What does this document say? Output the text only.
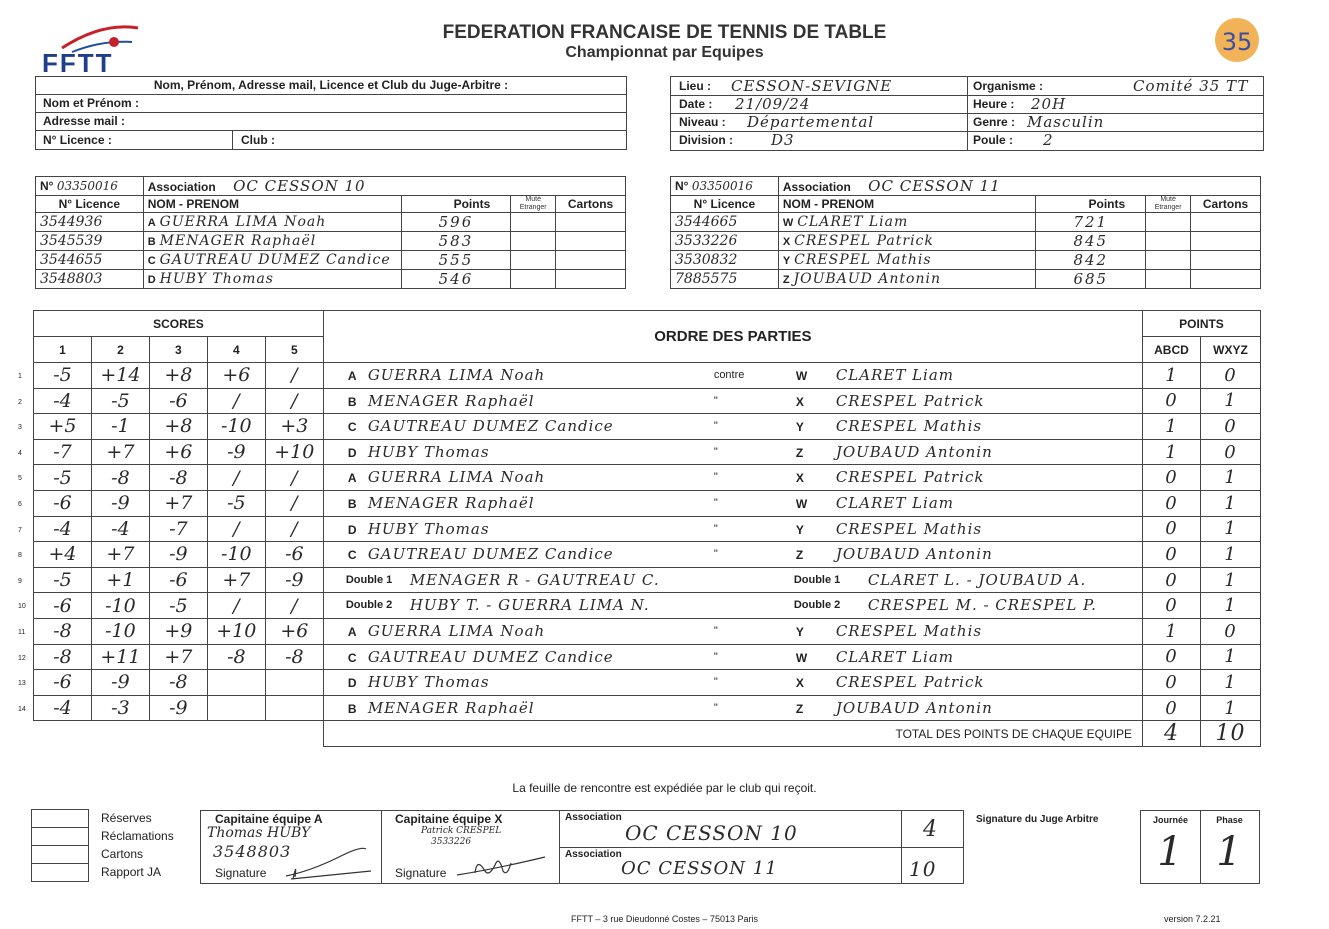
FFTT
35
FEDERATION FRANCAISE DE TENNIS DE TABLE
Championnat par Equipes
Nom, Prénom, Adresse mail, Licence et Club du Juge-Arbitre :
Nom et Prénom :
Adresse mail :
N° Licence :	Club :
Lieu : CESSON-SEVIGNE
Date : 21/09/24
Niveau : Départemental
Division :	D3
Organisme :	Comité 35 TT
Heure : 20H
Genre : Masculin
Poule : 2
N° 03350016	Association OC CESSON 10			
N° Licence	NOM - PRENOM	Points	Muté Etranger	Cartons
3544936	A GUERRA LIMA Noah	596		
3545539	B MENAGER Raphaël	583		
3544655	C GAUTREAU DUMEZ Candice	555		
3548803	D HUBY Thomas	546		
N° 03350016	Association OC CESSON 11			
N° Licence	NOM - PRENOM	Points	Muté Etranger	Cartons
3544665	W CLARET Liam	721		
3533226	X CRESPEL Patrick	845		
3530832	Y CRESPEL Mathis	842		
7885575	Z JOUBAUD Antonin	685		
SCORES					ORDRE DES PARTIES	POINTS	
1	2	3	4	5		ABCD	WXYZ
-5	+14	+8	+6	/	A GUERRA LIMA Noah contre W CLARET Liam	1	0
-4	-5	-6	/	/	B MENAGER Raphaël " X CRESPEL Patrick	0	1
+5	-1	+8	-10	+3	C GAUTREAU DUMEZ Candice " Y CRESPEL Mathis	1	0
-7	+7	+6	-9	+10	D HUBY Thomas " Z JOUBAUD Antonin	1	0
-5	-8	-8	/	/	A GUERRA LIMA Noah " X CRESPEL Patrick	0	1
-6	-9	+7	-5	/	B MENAGER Raphaël " W CLARET Liam	0	1
-4	-4	-7	/	/	D HUBY Thomas " Y CRESPEL Mathis	0	1
+4	+7	-9	-10	-6	C GAUTREAU DUMEZ Candice " Z JOUBAUD Antonin	0	1
-5	+1	-6	+7	-9	Double 1 MENAGER R - GAUTREAU C. Double 1 CLARET L. - JOUBAUD A.	0	1
-6	-10	-5	/	/	Double 2 HUBY T. - GUERRA LIMA N. Double 2 CRESPEL M. - CRESPEL P.	0	1
-8	-10	+9	+10	+6	A GUERRA LIMA Noah " Y CRESPEL Mathis	1	0
-8	+11	+7	-8	-8	C GAUTREAU DUMEZ Candice " W CLARET Liam	0	1
-6	-9	-8			D HUBY Thomas " X CRESPEL Patrick	0	1
-4	-3	-9			B MENAGER Raphaël " Z JOUBAUD Antonin	0	1
					TOTAL DES POINTS DE CHAQUE EQUIPE	4	10
1
2
3
4
5
6
7
8
9
10
11
12
13
14
La feuille de rencontre est expédiée par le club qui reçoit.
Réserves
Réclamations
Cartons
Rapport JA
Capitaine équipe A
Thomas HUBY
3548803
Signature
Capitaine équipe X
Patrick CRESPEL
3533226
Signature
Association
OC CESSON 10	4
Association
OC CESSON 11	10
Signature du Juge Arbitre	Journée
1
Phase
1
FFTT – 3 rue Dieudonné Costes – 75013 Paris	version 7.2.21
